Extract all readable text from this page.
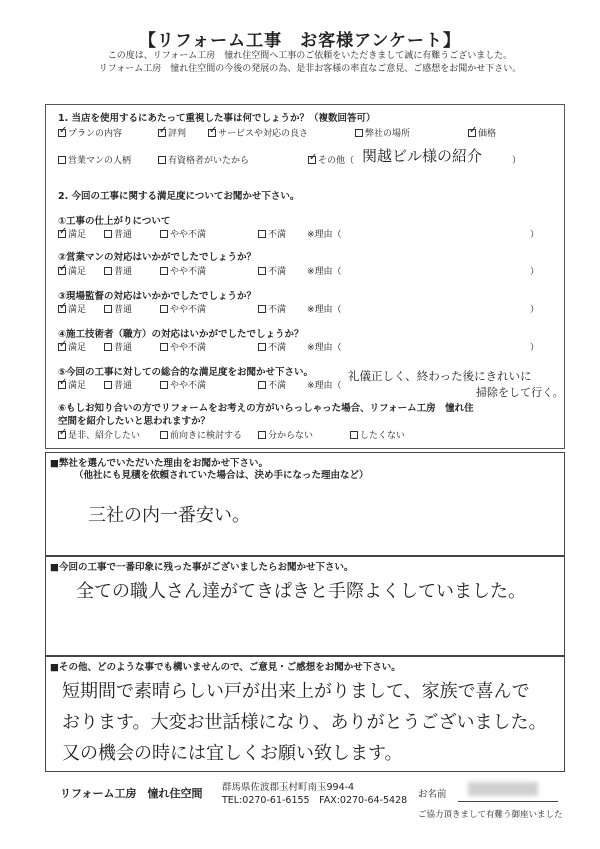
【リフォーム工事　お客様アンケート】
この度は、リフォーム工房　憧れ住空間へ工事のご依頼をいただきまして誠に有難うございました。
リフォーム工房　憧れ住空間の今後の発展の為、是非お客様の率直なご意見、ご感想をお聞かせ下さい。
1. 当店を使用するにあたって重視した事は何でしょうか？（複数回答可）
✓プランの内容 ✓	評判 ✓	サービスや対応の良さ	弊社の場所 ✓	価格
営業マンの人柄	有資格者がいたから ✓	その他（ 関越ビル様の紹介	）
2. 今回の工事に関する満足度についてお聞かせ下さい。
①工事の仕上がりについて
✓満足	普通	やや不満	不満 ※理由（	）
②営業マンの対応はいかがでしたでしょうか？
✓満足	普通	やや不満	不満 ※理由（	）
③現場監督の対応はいかかでしたでしょうか？
✓満足	普通	やや不満	不満 ※理由（	）
④施工技術者（職方）の対応はいかがでしたでしょうか？
✓満足	普通	やや不満	不満 ※理由（	）
⑤今回の工事に対しての総合的な満足度をお聞かせ下さい。
✓満足	普通	やや不満	不満 ※理由（
礼儀正しく、終わった後にきれいに
掃除をして行く。
⑥もしお知り合いの方でリフォームをお考えの方がいらっしゃった場合、リフォーム工房　憧れ住
空間を紹介したいと思われますか？
✓是非、紹介したい	前向きに検討する	分からない	したくない
■弊社を選んでいただいた理由をお聞かせ下さい。
（他社にも見積を依頼されていた場合は、決め手になった理由など）
三社の内一番安い。
■今回の工事で一番印象に残った事がございましたらお聞かせ下さい。
全ての職人さん達がてきぱきと手際よくしていました。
■その他、どのような事でも構いませんので、ご意見・ご感想をお聞かせ下さい。
短期間で素晴らしい戸が出来上がりまして、家族で喜んで
おります。大変お世話様になり、ありがとうございました。
又の機会の時には宜しくお願い致します。
リフォーム工房　憧れ住空間 群馬県佐波郡玉村町南玉994-4
TEL:0270-61-6155　FAX:0270-64-5428
お名前
ご協力頂きまして有難う御座いました
